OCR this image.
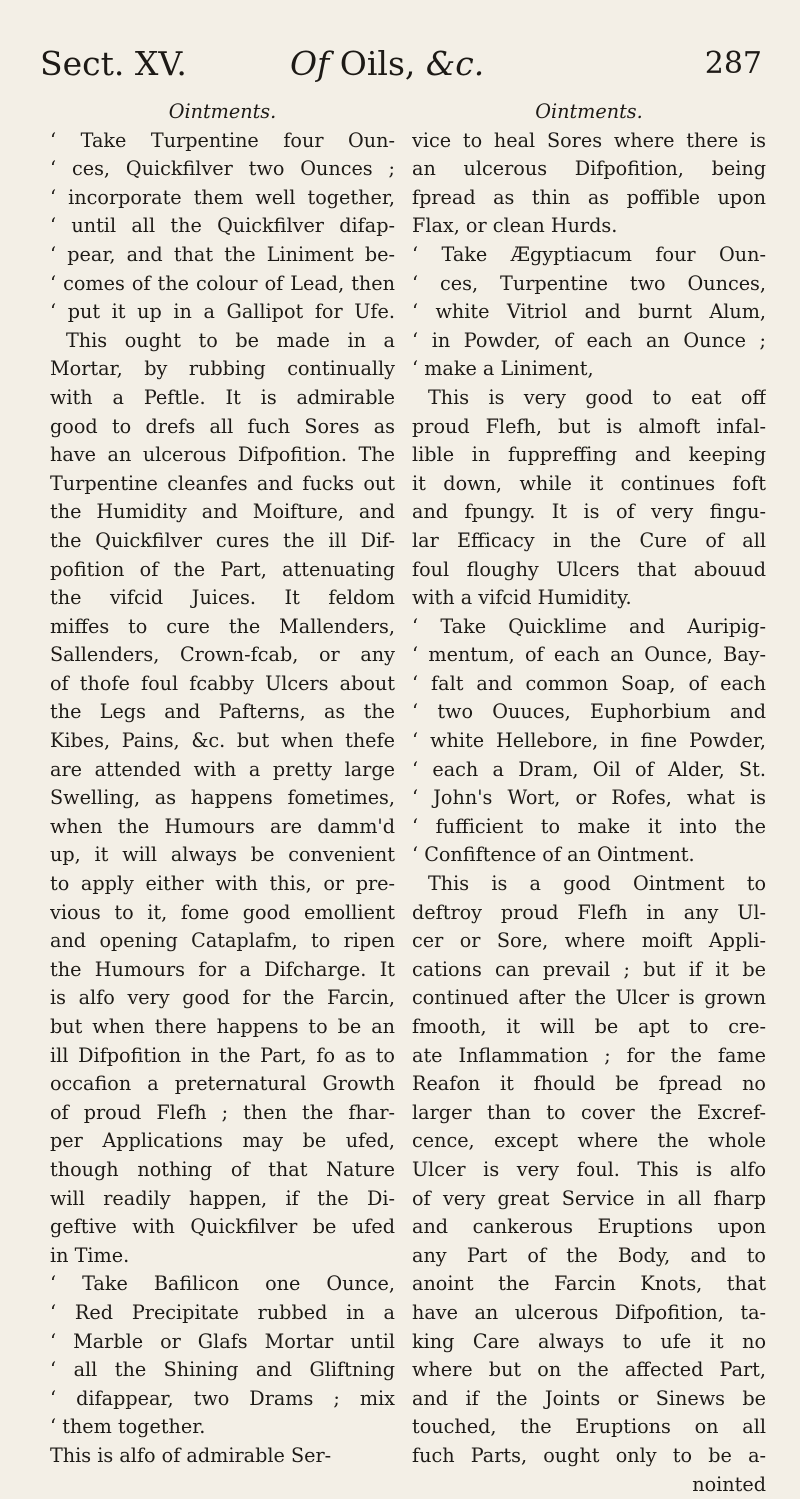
Sect. XV.	Of Oils, &c.	287
Ointments.
‘ Take Turpentine four Oun-
‘ ces, Quickfilver two Ounces ;
‘ incorporate them well together,
‘ until all the Quickfilver difap-
‘ pear, and that the Liniment be-
‘ comes of the colour of Lead, then
‘ put it up in a Gallipot for Ufe.
This ought to be made in a
Mortar, by rubbing continually
with a Peftle. It is admirable
good to drefs all fuch Sores as
have an ulcerous Difpofition. The
Turpentine cleanfes and fucks out
the Humidity and Moifture, and
the Quickfilver cures the ill Dif-
pofition of the Part, attenuating
the vifcid Juices. It feldom
miffes to cure the Mallenders,
Sallenders, Crown-fcab, or any
of thofe foul fcabby Ulcers about
the Legs and Pafterns, as the
Kibes, Pains, &c. but when thefe
are attended with a pretty large
Swelling, as happens fometimes,
when the Humours are damm'd
up, it will always be convenient
to apply either with this, or pre-
vious to it, fome good emollient
and opening Cataplafm, to ripen
the Humours for a Difcharge. It
is alfo very good for the Farcin,
but when there happens to be an
ill Difpofition in the Part, fo as to
occafion a preternatural Growth
of proud Flefh ; then the fhar-
per Applications may be ufed,
though nothing of that Nature
will readily happen, if the Di-
geftive with Quickfilver be ufed
in Time.
‘ Take Bafilicon one Ounce,
‘ Red Precipitate rubbed in a
‘ Marble or Glafs Mortar until
‘ all the Shining and Gliftning
‘ difappear, two Drams ; mix
‘ them together.
This is alfo of admirable Ser-
Ointments.
vice to heal Sores where there is
an ulcerous Difpofition, being
fpread as thin as poffible upon
Flax, or clean Hurds.
‘ Take Ægyptiacum four Oun-
‘ ces, Turpentine two Ounces,
‘ white Vitriol and burnt Alum,
‘ in Powder, of each an Ounce ;
‘ make a Liniment,
This is very good to eat off
proud Flefh, but is almoft infal-
lible in fuppreffing and keeping
it down, while it continues foft
and fpungy. It is of very fingu-
lar Efficacy in the Cure of all
foul floughy Ulcers that abouud
with a vifcid Humidity.
‘ Take Quicklime and Auripig-
‘ mentum, of each an Ounce, Bay-
‘ falt and common Soap, of each
‘ two Ouuces, Euphorbium and
‘ white Hellebore, in fine Powder,
‘ each a Dram, Oil of Alder, St.
‘ John's Wort, or Rofes, what is
‘ fufficient to make it into the
‘ Confiftence of an Ointment.
This is a good Ointment to
deftroy proud Flefh in any Ul-
cer or Sore, where moift Appli-
cations can prevail ; but if it be
continued after the Ulcer is grown
fmooth, it will be apt to cre-
ate Inflammation ; for the fame
Reafon it fhould be fpread no
larger than to cover the Excref-
cence, except where the whole
Ulcer is very foul. This is alfo
of very great Service in all fharp
and cankerous Eruptions upon
any Part of the Body, and to
anoint the Farcin Knots, that
have an ulcerous Difpofition, ta-
king Care always to ufe it no
where but on the affected Part,
and if the Joints or Sinews be
touched, the Eruptions on all
fuch Parts, ought only to be a-
nointed
